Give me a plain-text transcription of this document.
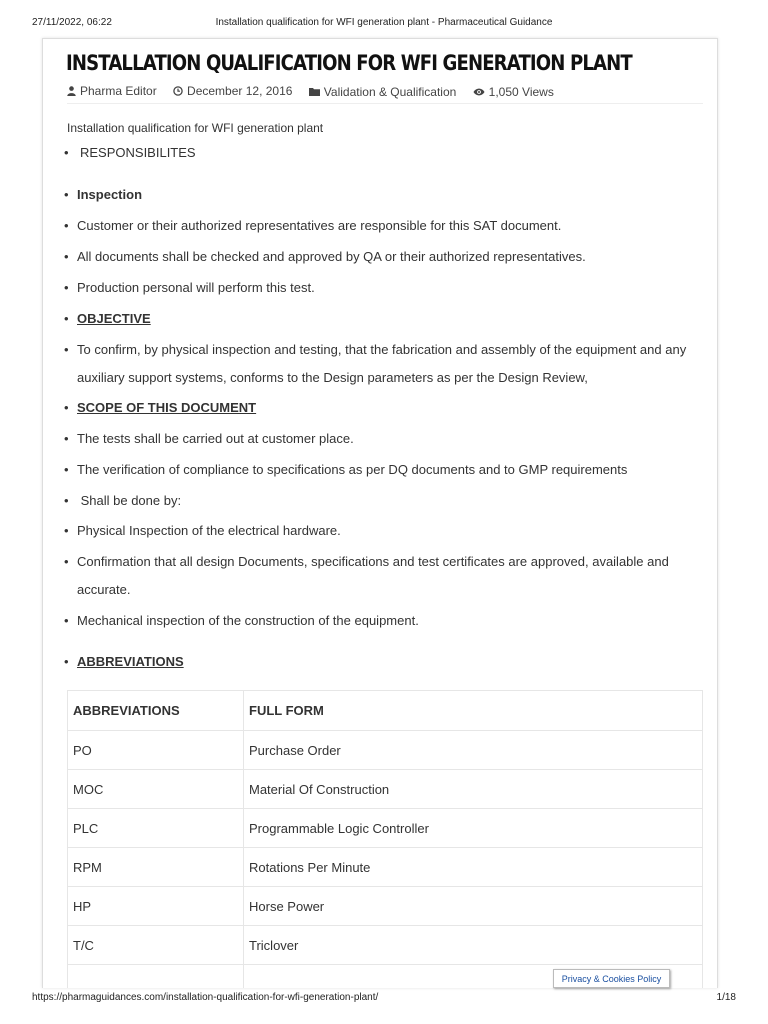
27/11/2022, 06:22	Installation qualification for WFI generation plant - Pharmaceutical Guidance
INSTALLATION QUALIFICATION FOR WFI GENERATION PLANT
Pharma Editor
	December 12, 2016
	Validation & Qualification
	1,050 Views

Installation qualification for WFI generation plant

• RESPONSIBILITES
• Inspection
• Customer or their authorized representatives are responsible for this SAT document.
• All documents shall be checked and approved by QA or their authorized representatives.
• Production personal will perform this test.
• OBJECTIVE
• To confirm, by physical inspection and testing, that the fabrication and assembly of the equipment and any
auxiliary support systems, conforms to the Design parameters as per the Design Review,
• SCOPE OF THIS DOCUMENT
• The tests shall be carried out at customer place.
• The verification of compliance to specifications as per DQ documents and to GMP requirements
• Shall be done by:
• Physical Inspection of the electrical hardware.
• Confirmation that all design Documents, specifications and test certificates are approved, available and
accurate.
• Mechanical inspection of the construction of the equipment.
• ABBREVIATIONS
ABBREVIATIONS	FULL FORM
PO	Purchase Order
MOC	Material Of Construction
PLC	Programmable Logic Controller
RPM	Rotations Per Minute
HP	Horse Power
T/C	Triclover

Privacy & Cookies Policy
https://pharmaguidances.com/installation-qualification-for-wfi-generation-plant/	1/18
